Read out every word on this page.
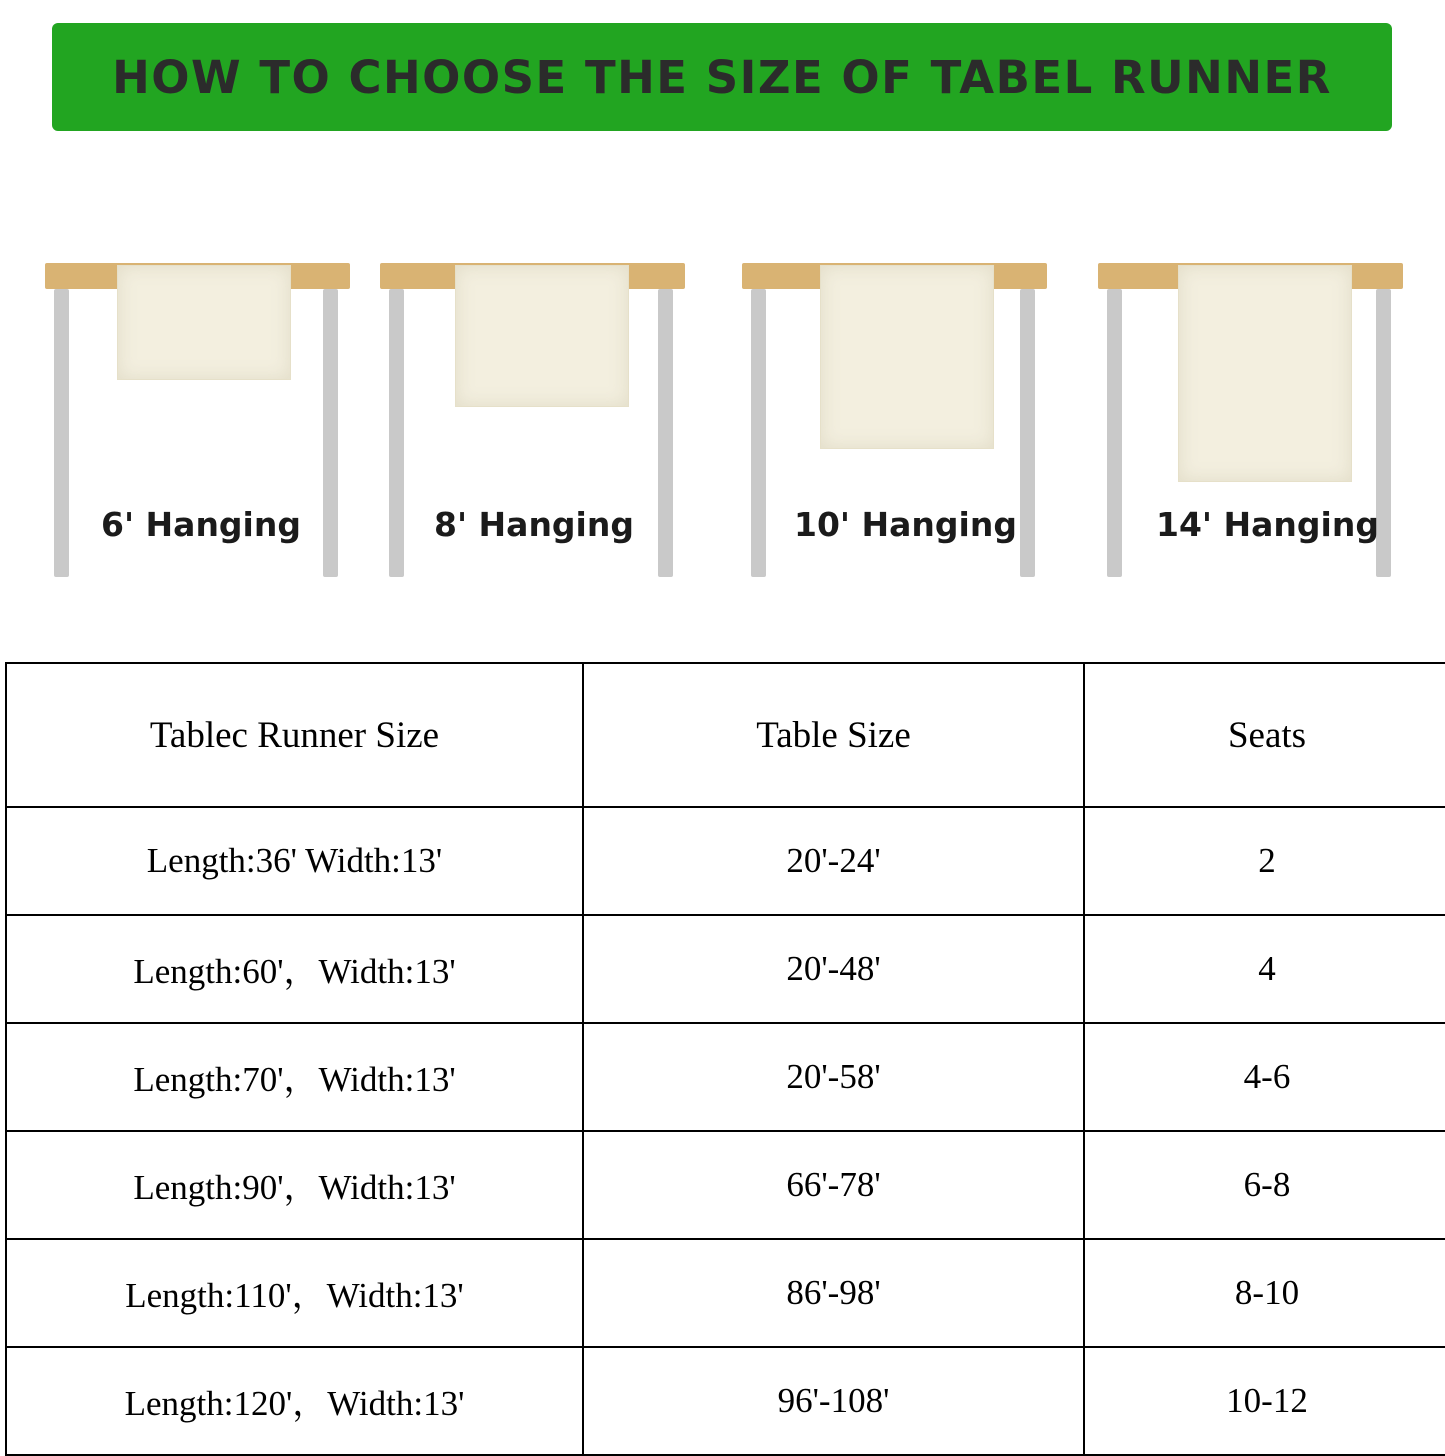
HOW TO CHOOSE THE SIZE OF TABEL RUNNER
6' Hanging	8' Hanging	10' Hanging	14' Hanging
Tablec Runner Size	Table Size	Seats
Length:36' Width:13'	20'-24'	2
Length:60'，Width:13'	20'-48'	4
Length:70'，Width:13'	20'-58'	4-6
Length:90'，Width:13'	66'-78'	6-8
Length:110'，Width:13'	86'-98'	8-10
Length:120'，Width:13'	96'-108'	10-12
